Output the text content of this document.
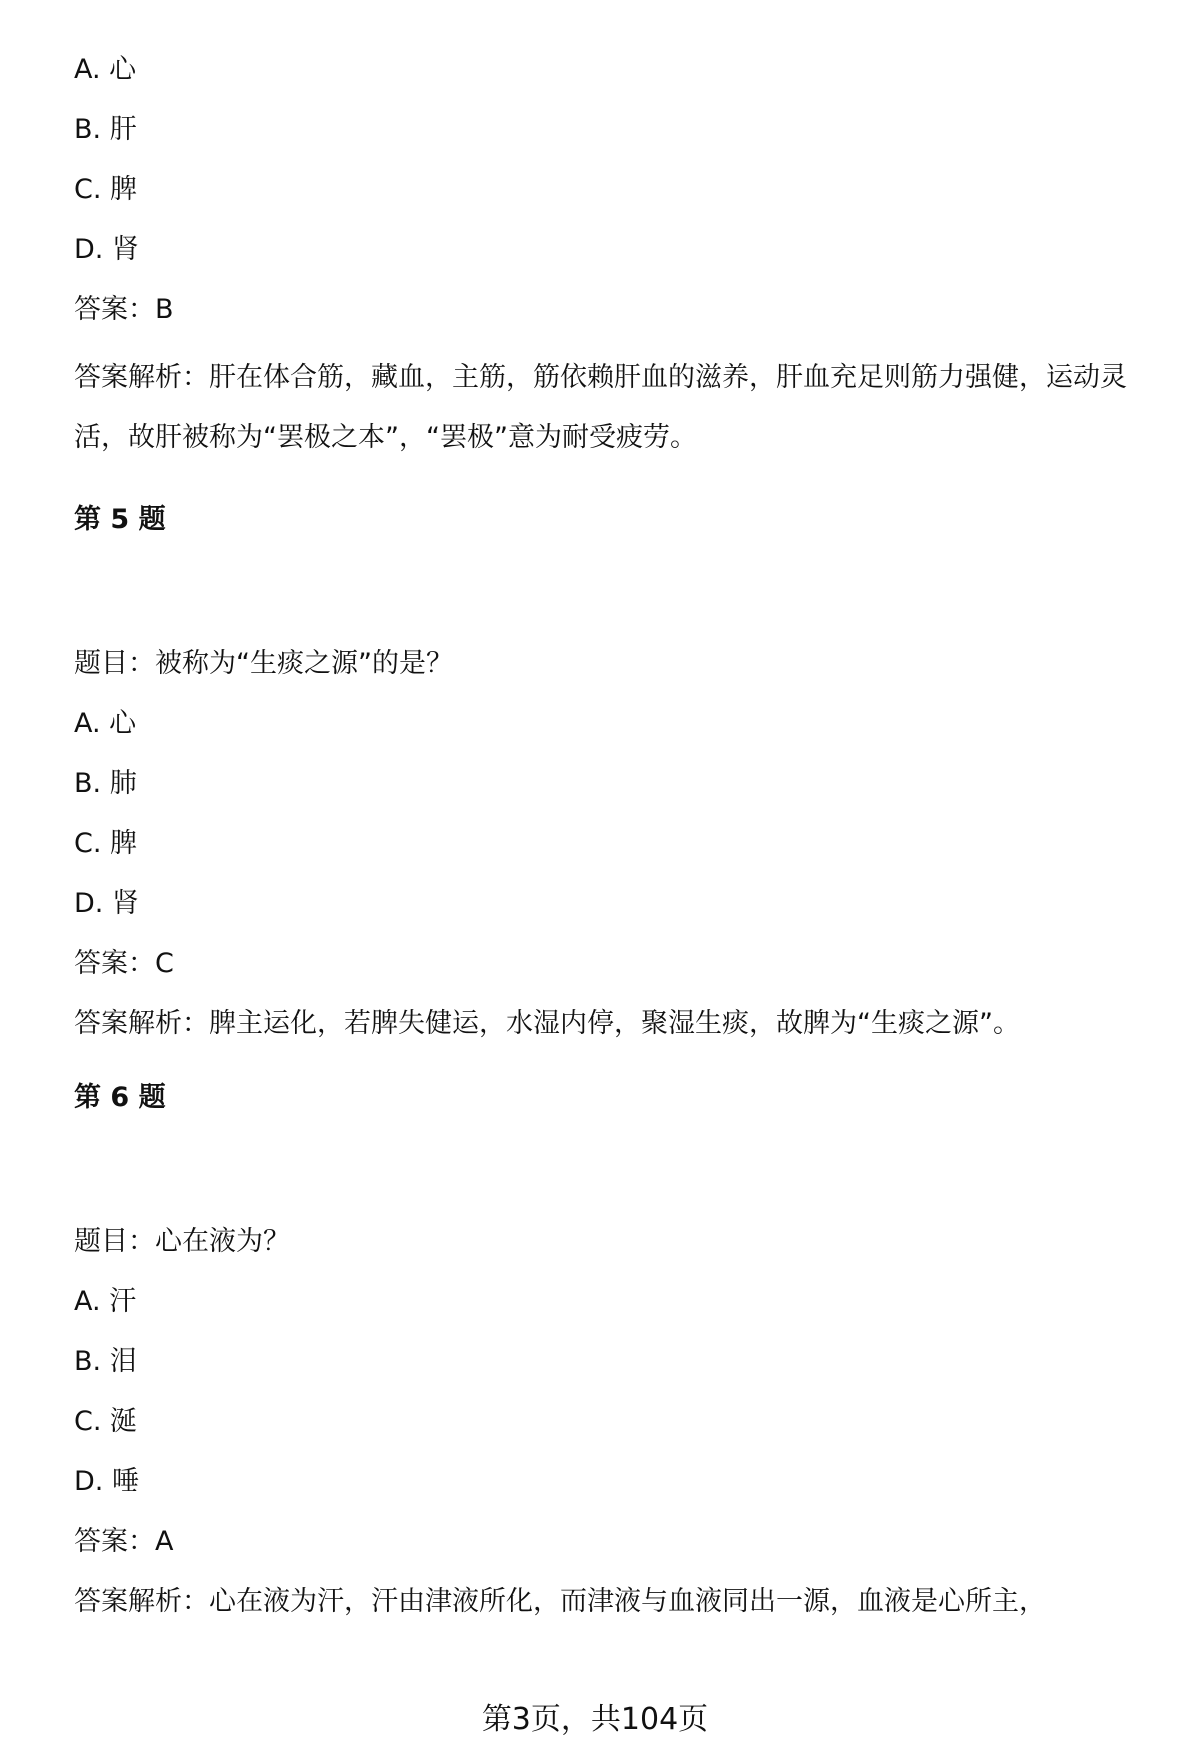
A. 心
B. 肝
C. 脾
D. 肾
答案：B
答案解析：肝在体合筋，藏血，主筋，筋依赖肝血的滋养，肝血充足则筋力强健，运动灵活，故肝被称为“罢极之本”，“罢极”意为耐受疲劳。
第 5 题
题目：被称为“生痰之源”的是？
A. 心
B. 肺
C. 脾
D. 肾
答案：C
答案解析：脾主运化，若脾失健运，水湿内停，聚湿生痰，故脾为“生痰之源”。
第 6 题
题目：心在液为？
A. 汗
B. 泪
C. 涎
D. 唾
答案：A
答案解析：心在液为汗，汗由津液所化，而津液与血液同出一源，血液是心所主，
第3页，共104页
